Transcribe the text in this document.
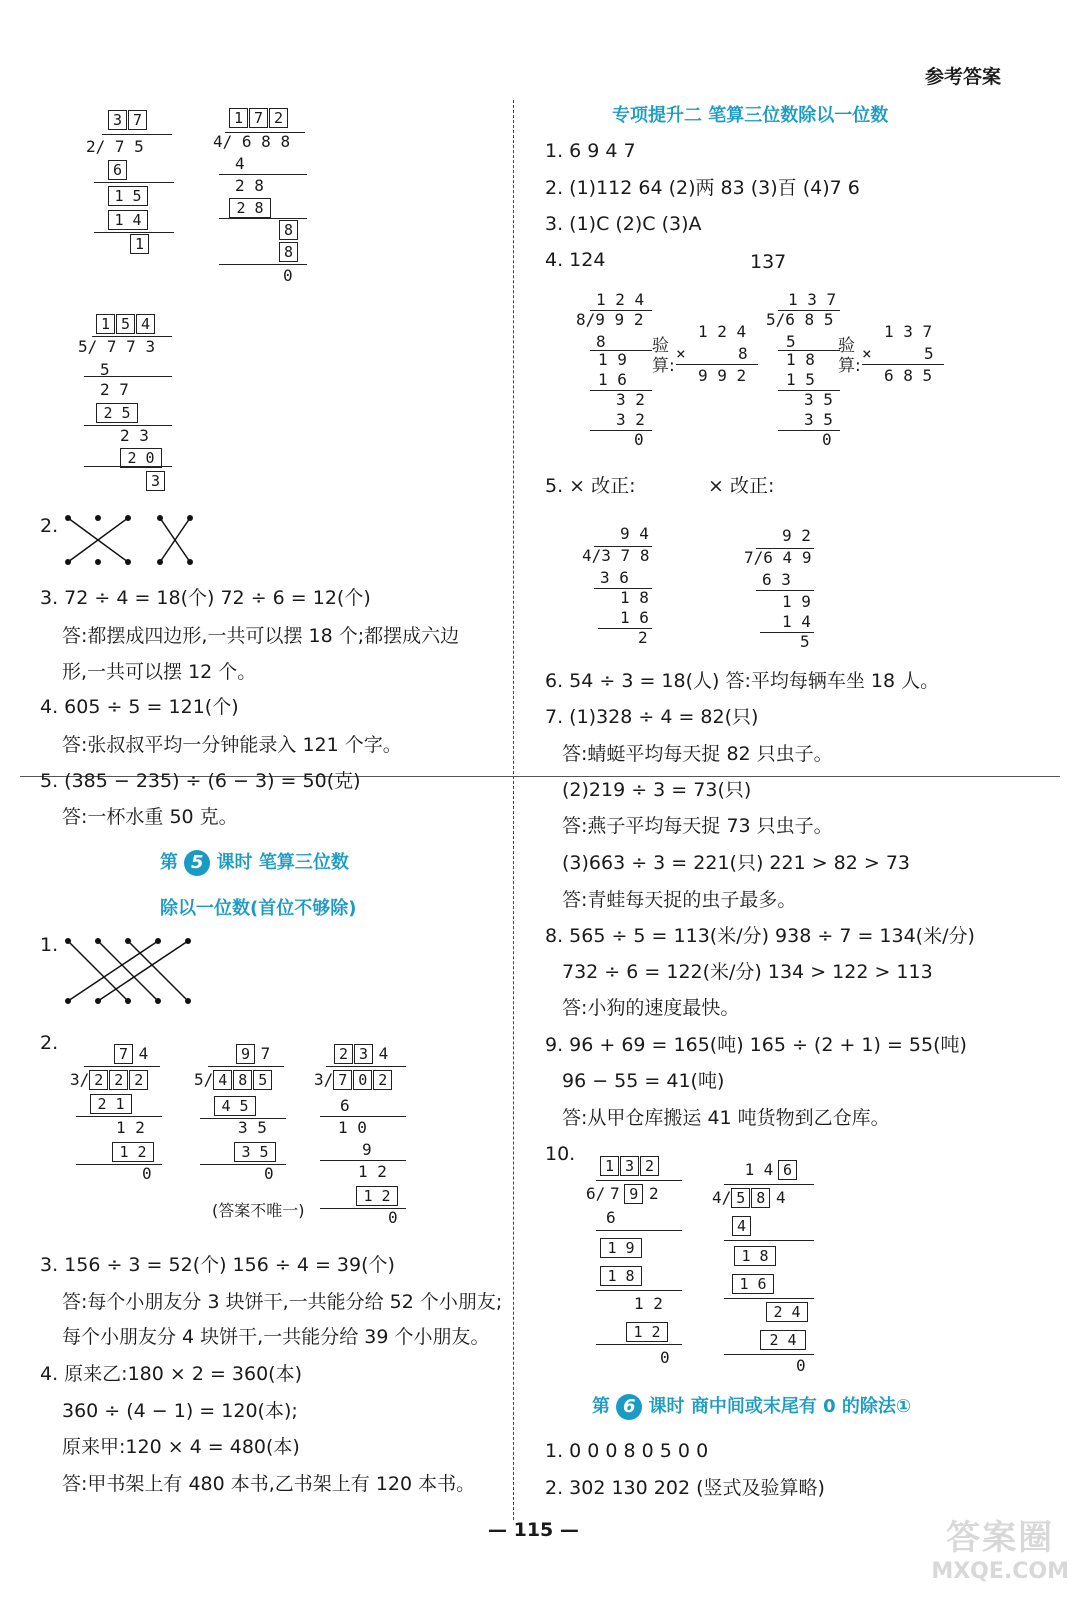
参考答案
3 7
2/ 7 5
6
1 5
1 4
1
1 7 2
4/ 6 8 8
4
2 8
2 8
8
8
0
1 5 4
5/ 7 7 3
5
2 7
2 5
2 3
2 0
3
2.
3. 72 ÷ 4 = 18(个) 72 ÷ 6 = 12(个)
答:都摆成四边形,一共可以摆 18 个;都摆成六边
形,一共可以摆 12 个。
4. 605 ÷ 5 = 121(个)
答:张叔叔平均一分钟能录入 121 个字。
5. (385 − 235) ÷ (6 − 3) = 50(克)
答:一杯水重 50 克。
第 5 课时 笔算三位数
除以一位数(首位不够除)
1.
2.	7 4
3/ 2 2 2
2 1
1 2
1 2
0
9 7
5/ 4 8 5
4 5
3 5
3 5
0
2 3 4
3/ 7 0 2
6
1 0
9
1 2
1 2
0
(答案不唯一)
3. 156 ÷ 3 = 52(个) 156 ÷ 4 = 39(个)
答:每个小朋友分 3 块饼干,一共能分给 52 个小朋友;
每个小朋友分 4 块饼干,一共能分给 39 个小朋友。
4. 原来乙:180 × 2 = 360(本)
360 ÷ (4 − 1) = 120(本);
原来甲:120 × 4 = 480(本)
答:甲书架上有 480 本书,乙书架上有 120 本书。
专项提升二 笔算三位数除以一位数
1. 6 9 4 7
2. (1)112 64 (2)两 83 (3)百 (4)7 6
3. (1)C (2)C (3)A
4. 124	137
1 2 4
8/9 9 2
8
1 9
1 6
3 2
3 2
0
验算:
1 2 4
×	8
9 9 2
1 3 7
5/6 8 5
5
1 8
1 5
3 5
3 5
0
验算:
1 3 7
×	5
6 8 5
5. × 改正:	× 改正:
9 4
4/3 7 8
3 6
1 8
1 6
2
9 2
7/6 4 9
6 3
1 9
1 4
5
6. 54 ÷ 3 = 18(人) 答:平均每辆车坐 18 人。
7. (1)328 ÷ 4 = 82(只)
答:蜻蜓平均每天捉 82 只虫子。
(2)219 ÷ 3 = 73(只)
答:燕子平均每天捉 73 只虫子。
(3)663 ÷ 3 = 221(只) 221 > 82 > 73
答:青蛙每天捉的虫子最多。
8. 565 ÷ 5 = 113(米/分) 938 ÷ 7 = 134(米/分)
732 ÷ 6 = 122(米/分) 134 > 122 > 113
答:小狗的速度最快。
9. 96 + 69 = 165(吨) 165 ÷ (2 + 1) = 55(吨)
96 − 55 = 41(吨)
答:从甲仓库搬运 41 吨货物到乙仓库。
10.
1 3 2
6/ 7 9 2
6
1 9
1 8
1 2
1 2
0
1 4 6
4/ 5 8 4
4
1 8
1 6
2 4
2 4
0
第 6 课时 商中间或末尾有 0 的除法①
1. 0 0 0 8 0 5 0 0
2. 302 130 202 (竖式及验算略)
— 115 —	答案圈
MXQE.COM
